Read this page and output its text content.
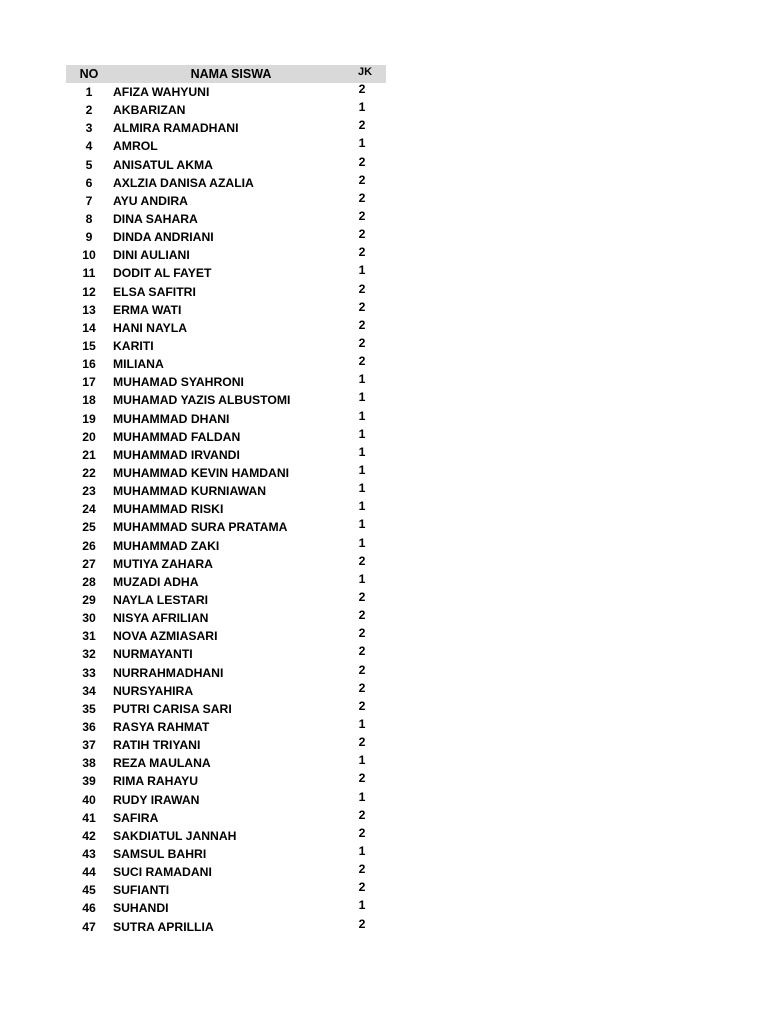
NO	NAMA SISWA	JK
1	AFIZA WAHYUNI	2
2	AKBARIZAN	1
3	ALMIRA RAMADHANI	2
4	AMROL	1
5	ANISATUL AKMA	2
6	AXLZIA DANISA AZALIA	2
7	AYU ANDIRA	2
8	DINA SAHARA	2
9	DINDA ANDRIANI	2
10	DINI AULIANI	2
11	DODIT AL FAYET	1
12	ELSA SAFITRI	2
13	ERMA WATI	2
14	HANI NAYLA	2
15	KARITI	2
16	MILIANA	2
17	MUHAMAD SYAHRONI	1
18	MUHAMAD YAZIS ALBUSTOMI	1
19	MUHAMMAD DHANI	1
20	MUHAMMAD FALDAN	1
21	MUHAMMAD IRVANDI	1
22	MUHAMMAD KEVIN HAMDANI	1
23	MUHAMMAD KURNIAWAN	1
24	MUHAMMAD RISKI	1
25	MUHAMMAD SURA PRATAMA	1
26	MUHAMMAD ZAKI	1
27	MUTIYA ZAHARA	2
28	MUZADI ADHA	1
29	NAYLA LESTARI	2
30	NISYA AFRILIAN	2
31	NOVA AZMIASARI	2
32	NURMAYANTI	2
33	NURRAHMADHANI	2
34	NURSYAHIRA	2
35	PUTRI CARISA SARI	2
36	RASYA RAHMAT	1
37	RATIH TRIYANI	2
38	REZA MAULANA	1
39	RIMA RAHAYU	2
40	RUDY IRAWAN	1
41	SAFIRA	2
42	SAKDIATUL JANNAH	2
43	SAMSUL BAHRI	1
44	SUCI RAMADANI	2
45	SUFIANTI	2
46	SUHANDI	1
47	SUTRA APRILLIA	2
